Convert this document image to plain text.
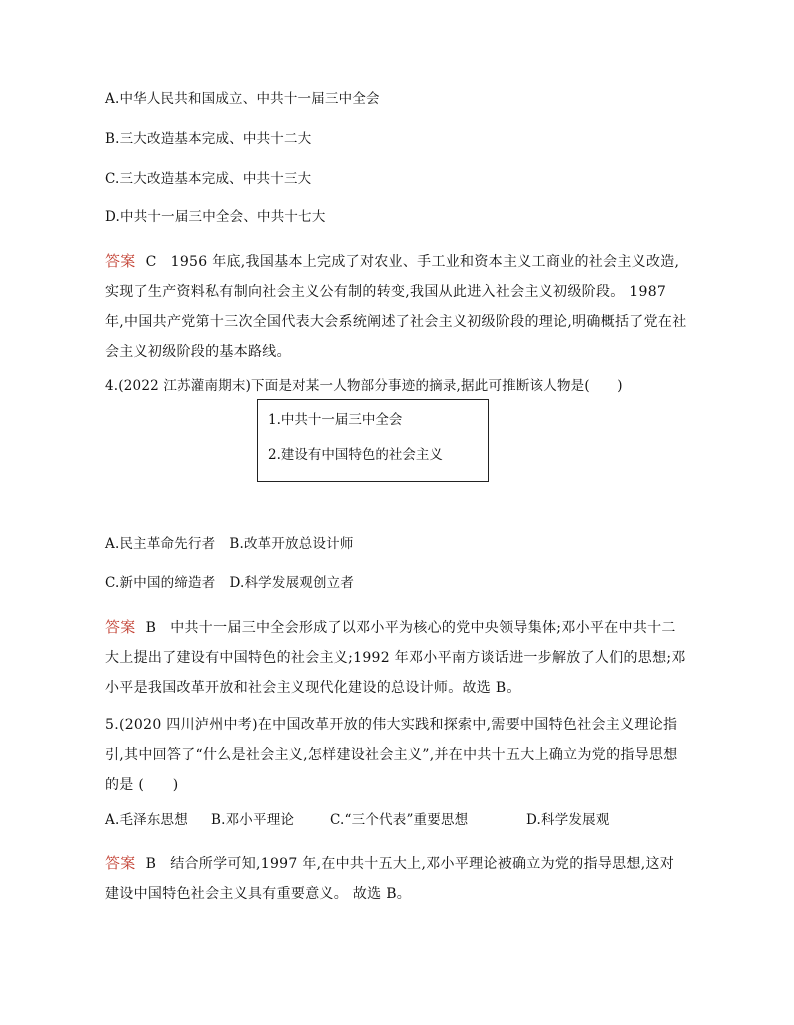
A.中华人民共和国成立、中共十一届三中全会
B.三大改造基本完成、中共十二大
C.三大改造基本完成、中共十三大
D.中共十一届三中全会、中共十七大
答案 C 1956 年底,我国基本上完成了对农业、手工业和资本主义工商业的社会主义改造,实现了生产资料私有制向社会主义公有制的转变,我国从此进入社会主义初级阶段。 1987 年,中国共产党第十三次全国代表大会系统阐述了社会主义初级阶段的理论,明确概括了党在社会主义初级阶段的基本路线。
4.(2022 江苏灌南期末)下面是对某一人物部分事迹的摘录,据此可推断该人物是(　　)
1.中共十一届三中全会
2.建设有中国特色的社会主义
A.民主革命先行者 B.改革开放总设计师
C.新中国的缔造者 D.科学发展观创立者
答案 B 中共十一届三中全会形成了以邓小平为核心的党中央领导集体;邓小平在中共十二大上提出了建设有中国特色的社会主义;1992 年邓小平南方谈话进一步解放了人们的思想;邓小平是我国改革开放和社会主义现代化建设的总设计师。故选 B。
5.(2020 四川泸州中考)在中国改革开放的伟大实践和探索中,需要中国特色社会主义理论指引,其中回答了“什么是社会主义,怎样建设社会主义”,并在中共十五大上确立为党的指导思想的是 (　　)
A.毛泽东思想 B.邓小平理论	C.“三个代表”重要思想	D.科学发展观
答案 B 结合所学可知,1997 年,在中共十五大上,邓小平理论被确立为党的指导思想,这对建设中国特色社会主义具有重要意义。 故选 B。
